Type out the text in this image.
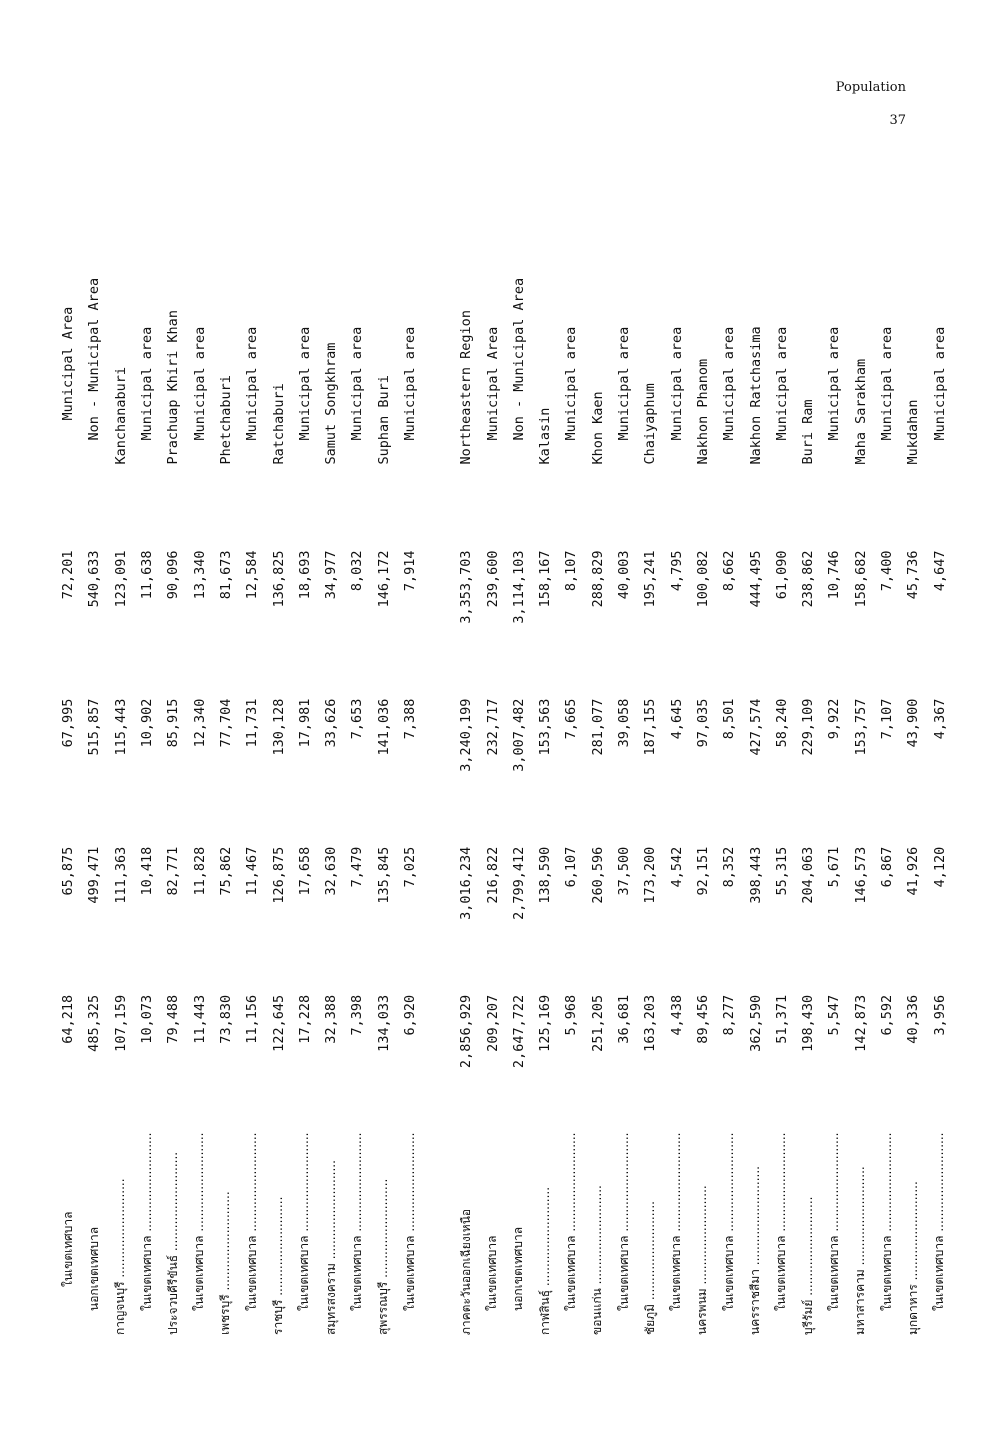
Population
37
ในเขตเทศบาล	64,218	65,875	67,995	72,201	Municipal Area
นอกเขตเทศบาล	485,325	499,471	515,857	540,633	Non - Municipal Area
กาญจนบุรี ..........................	107,159	111,363	115,443	123,091	Kanchanaburi
ในเขตเทศบาล ..........................	10,073	10,418	10,902	11,638	Municipal area
ประจวบคีรีขันธ์ ..........................	79,488	82,771	85,915	90,096	Prachuap Khiri Khan
ในเขตเทศบาล ..........................	11,443	11,828	12,340	13,340	Municipal area
เพชรบุรี ..........................	73,830	75,862	77,704	81,673	Phetchaburi
ในเขตเทศบาล ..........................	11,156	11,467	11,731	12,584	Municipal area
ราชบุรี ..........................	122,645	126,875	130,128	136,825	Ratchaburi
ในเขตเทศบาล ..........................	17,228	17,658	17,981	18,693	Municipal area
สมุทรสงคราม ..........................	32,388	32,630	33,626	34,977	Samut Songkhram
ในเขตเทศบาล ..........................	7,398	7,479	7,653	8,032	Municipal area
สุพรรณบุรี ..........................	134,033	135,845	141,036	146,172	Suphan Buri
ในเขตเทศบาล ..........................	6,920	7,025	7,388	7,914	Municipal area

ภาคตะวันออกเฉียงเหนือ	2,856,929	3,016,234	3,240,199	3,353,703	Northeastern Region
ในเขตเทศบาล	209,207	216,822	232,717	239,600	Municipal Area
นอกเขตเทศบาล	2,647,722	2,799,412	3,007,482	3,114,103	Non - Municipal Area
กาฬสินธุ์ ..........................	125,169	138,590	153,563	158,167	Kalasin
ในเขตเทศบาล ..........................	5,968	6,107	7,665	8,107	Municipal area
ขอนแก่น ..........................	251,205	260,596	281,077	288,829	Khon Kaen
ในเขตเทศบาล ..........................	36,681	37,500	39,058	40,003	Municipal area
ชัยภูมิ ..........................	163,203	173,200	187,155	195,241	Chaiyaphum
ในเขตเทศบาล ..........................	4,438	4,542	4,645	4,795	Municipal area
นครพนม ..........................	89,456	92,151	97,035	100,082	Nakhon Phanom
ในเขตเทศบาล ..........................	8,277	8,352	8,501	8,662	Municipal area
นครราชสีมา ..........................	362,590	398,443	427,574	444,495	Nakhon Ratchasima
ในเขตเทศบาล ..........................	51,371	55,315	58,240	61,090	Municipal area
บุรีรัมย์ ..........................	198,430	204,063	229,109	238,862	Buri Ram
ในเขตเทศบาล ..........................	5,547	5,671	9,922	10,746	Municipal area
มหาสารคาม ..........................	142,873	146,573	153,757	158,682	Maha Sarakham
ในเขตเทศบาล ..........................	6,592	6,867	7,107	7,400	Municipal area
มุกดาหาร ..........................	40,336	41,926	43,900	45,736	Mukdahan
ในเขตเทศบาล ..........................	3,956	4,120	4,367	4,647	Municipal area
